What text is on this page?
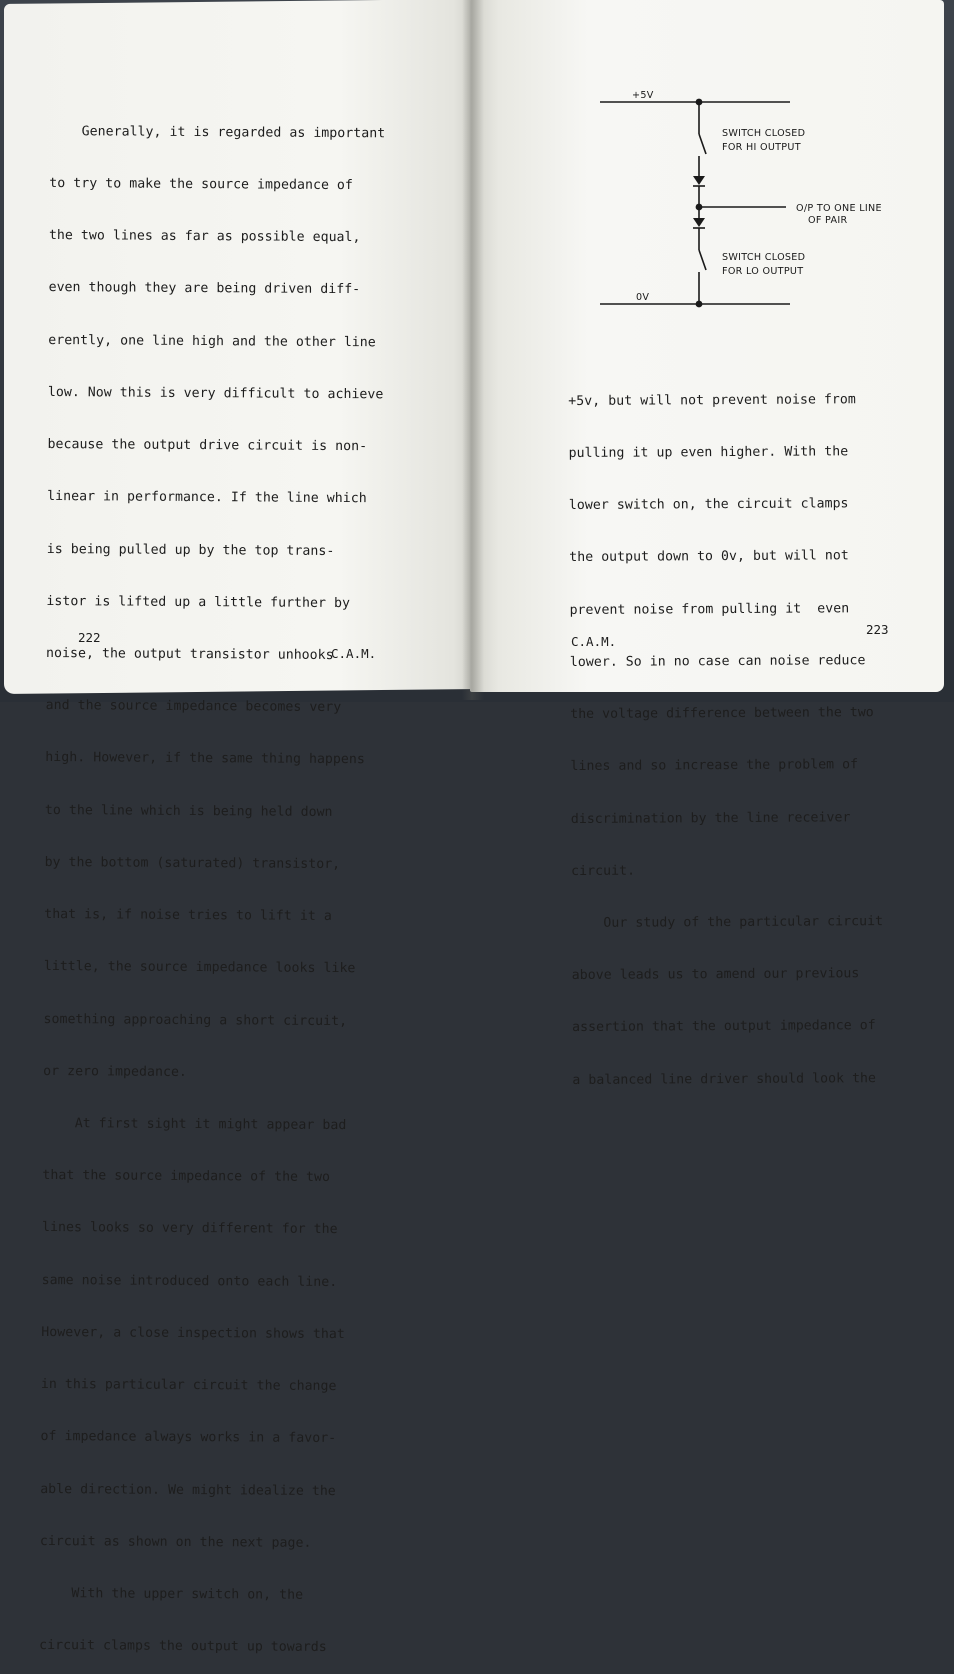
Generally, it is regarded as important

to try to make the source impedance of

the two lines as far as possible equal,

even though they are being driven diff-

erently, one line high and the other line

low. Now this is very difficult to achieve

because the output drive circuit is non-

linear in performance. If the line which

is being pulled up by the top trans-

istor is lifted up a little further by

noise, the output transistor unhooks

and the source impedance becomes very

high. However, if the same thing happens

to the line which is being held down

by the bottom (saturated) transistor,

that is, if noise tries to lift it a

little, the source impedance looks like

something approaching a short circuit,

or zero impedance.

At first sight it might appear bad

that the source impedance of the two

lines looks so very different for the

same noise introduced onto each line.

However, a close inspection shows that

in this particular circuit the change

of impedance always works in a favor-

able direction. We might idealize the

circuit as shown on the next page.

With the upper switch on, the

circuit clamps the output up towards

222
C.A.M.
+5V
0V
SWITCH CLOSED
FOR HI OUTPUT
O/P TO ONE LINE
OF PAIR
SWITCH CLOSED
FOR LO OUTPUT

+5v, but will not prevent noise from

pulling it up even higher. With the

lower switch on, the circuit clamps

the output down to 0v, but will not

prevent noise from pulling it  even

lower. So in no case can noise reduce

the voltage difference between the two

lines and so increase the problem of

discrimination by the line receiver

circuit.

Our study of the particular circuit

above leads us to amend our previous

assertion that the output impedance of

a balanced line driver should look the

C.A.M.
223
